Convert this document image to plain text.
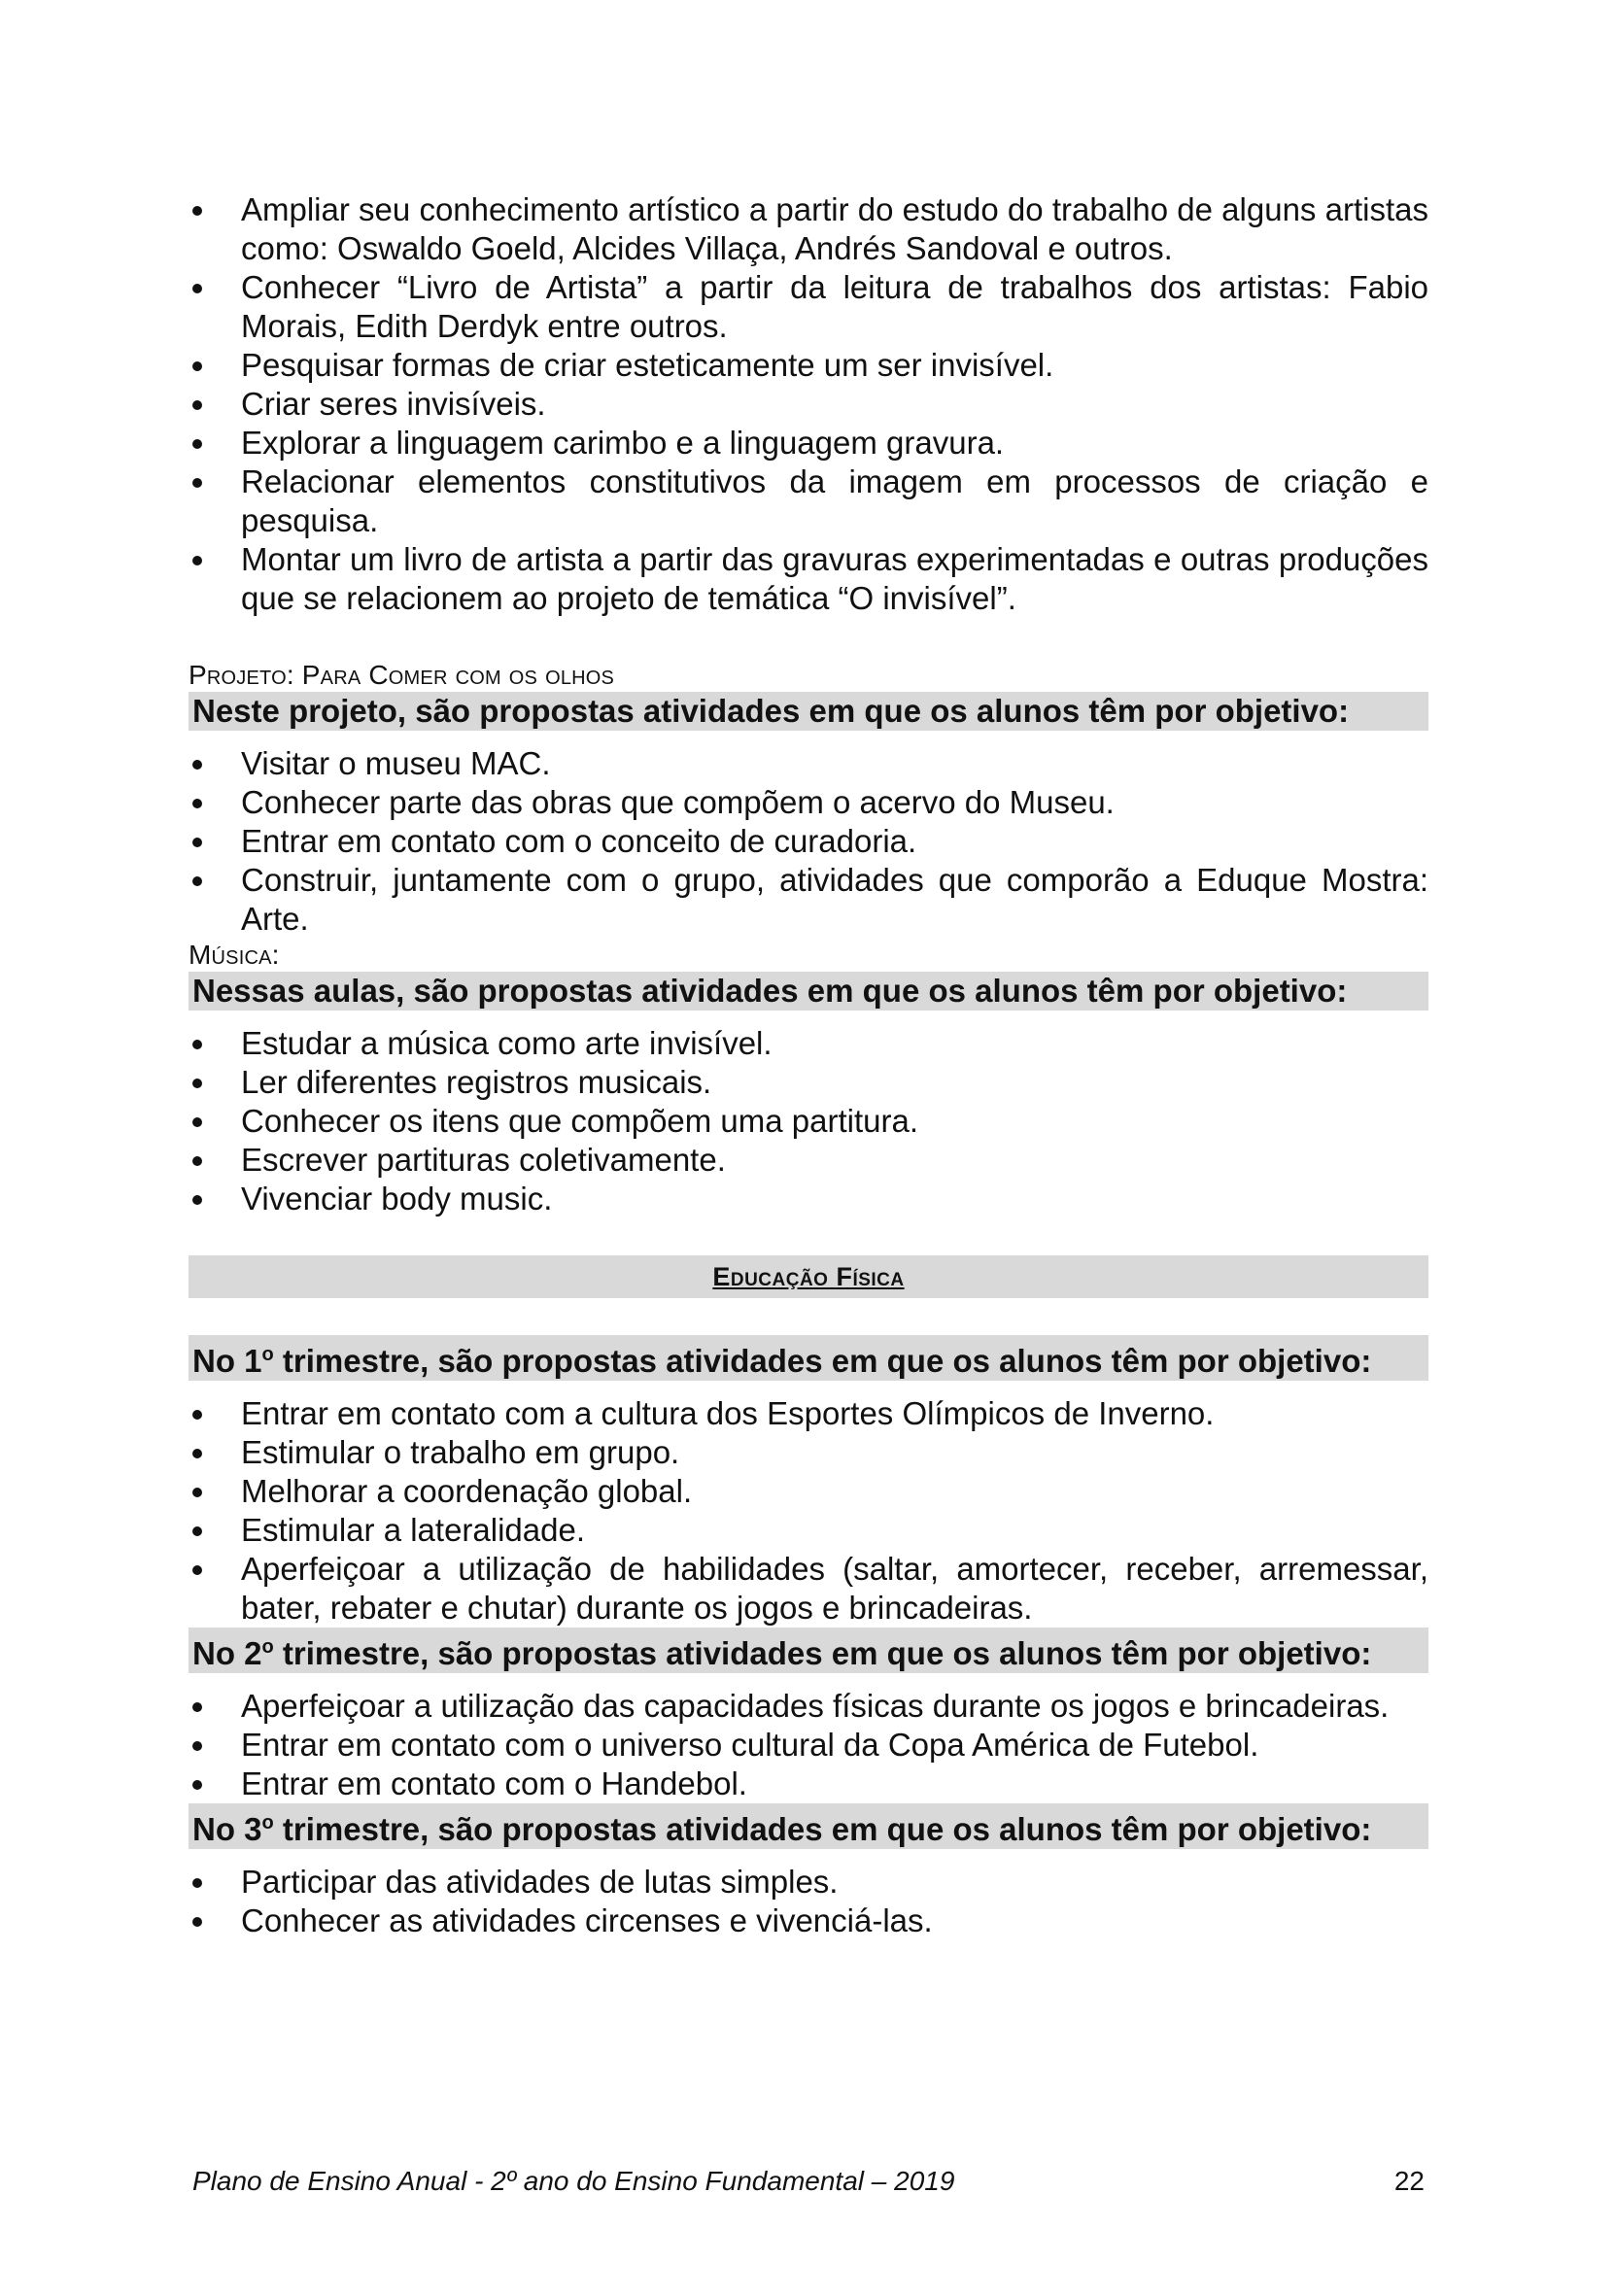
Ampliar seu conhecimento artístico a partir do estudo do trabalho de alguns artistas como: Oswaldo Goeld, Alcides Villaça, Andrés Sandoval e outros.
Conhecer “Livro de Artista” a partir da leitura de trabalhos dos artistas: Fabio Morais, Edith Derdyk entre outros.
Pesquisar formas de criar esteticamente um ser invisível.
Criar seres invisíveis.
Explorar a linguagem carimbo e a linguagem gravura.
Relacionar elementos constitutivos da imagem em processos de criação e pesquisa.
Montar um livro de artista a partir das gravuras experimentadas e outras produções que se relacionem ao projeto de temática “O invisível”.
Projeto: Para Comer com os olhos
Neste projeto, são propostas atividades em que os alunos têm por objetivo:
Visitar o museu MAC.
Conhecer parte das obras que compõem o acervo do Museu.
Entrar em contato com o conceito de curadoria.
Construir, juntamente com o grupo, atividades que comporão a Eduque Mostra: Arte.
Música:
Nessas aulas, são propostas atividades em que os alunos têm por objetivo:
Estudar a música como arte invisível.
Ler diferentes registros musicais.
Conhecer os itens que compõem uma partitura.
Escrever partituras coletivamente.
Vivenciar body music.
Educação Física
No 1$^o$ trimestre, são propostas atividades em que os alunos têm por objetivo:
Entrar em contato com a cultura dos Esportes Olímpicos de Inverno.
Estimular o trabalho em grupo.
Melhorar a coordenação global.
Estimular a lateralidade.
Aperfeiçoar a utilização de habilidades (saltar, amortecer, receber, arremessar, bater, rebater e chutar) durante os jogos e brincadeiras.
No 2$^o$ trimestre, são propostas atividades em que os alunos têm por objetivo:
Aperfeiçoar a utilização das capacidades físicas durante os jogos e brincadeiras.
Entrar em contato com o universo cultural da Copa América de Futebol.
Entrar em contato com o Handebol.
No 3$^o$ trimestre, são propostas atividades em que os alunos têm por objetivo:
Participar das atividades de lutas simples.
Conhecer as atividades circenses e vivenciá-las.
Plano de Ensino Anual - 2º ano do Ensino Fundamental – 2019	22
